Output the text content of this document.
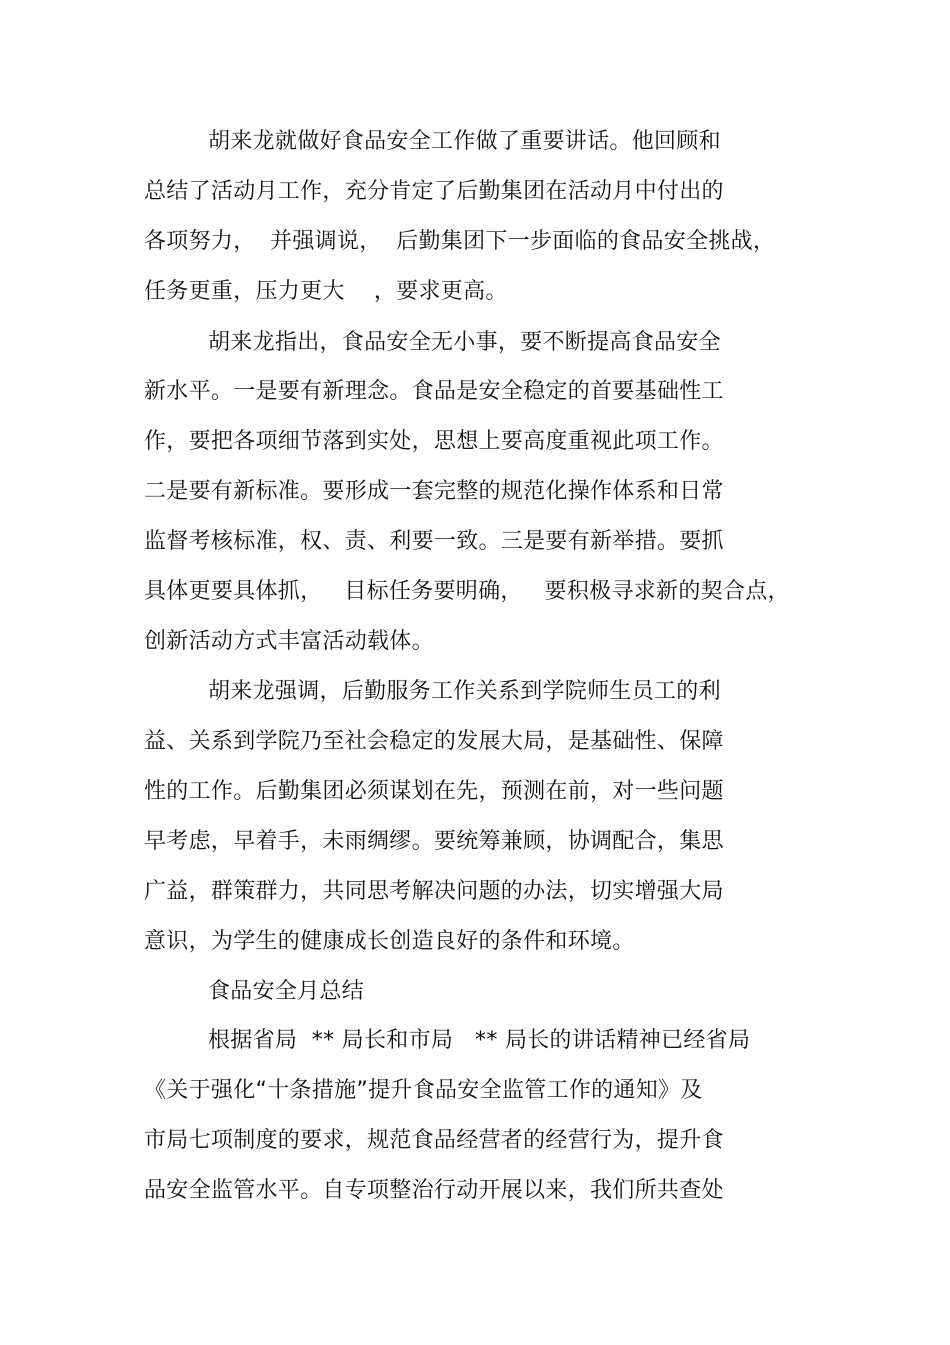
胡来龙就做好食品安全工作做了重要讲话。他回顾和
总结了活动月工作，充分肯定了后勤集团在活动月中付出的
各项努力，  并强调说，  后勤集团下一步面临的食品安全挑战，
任务更重，压力更大    ，要求更高。
胡来龙指出，食品安全无小事，要不断提高食品安全
新水平。一是要有新理念。食品是安全稳定的首要基础性工
作，要把各项细节落到实处，思想上要高度重视此项工作。
二是要有新标准。要形成一套完整的规范化操作体系和日常
监督考核标准，权、责、利要一致。三是要有新举措。要抓
具体更要具体抓，   目标任务要明确，   要积极寻求新的契合点，
创新活动方式丰富活动载体。
胡来龙强调，后勤服务工作关系到学院师生员工的利
益、关系到学院乃至社会稳定的发展大局，是基础性、保障
性的工作。后勤集团必须谋划在先，预测在前，对一些问题
早考虑，早着手，未雨绸缪。要统筹兼顾，协调配合，集思
广益，群策群力，共同思考解决问题的办法，切实增强大局
意识，为学生的健康成长创造良好的条件和环境。
食品安全月总结
根据省局  ** 局长和市局   ** 局长的讲话精神已经省局
《关于强化“十条措施”提升食品安全监管工作的通知》及
市局七项制度的要求，规范食品经营者的经营行为，提升食
品安全监管水平。自专项整治行动开展以来，我们所共查处
